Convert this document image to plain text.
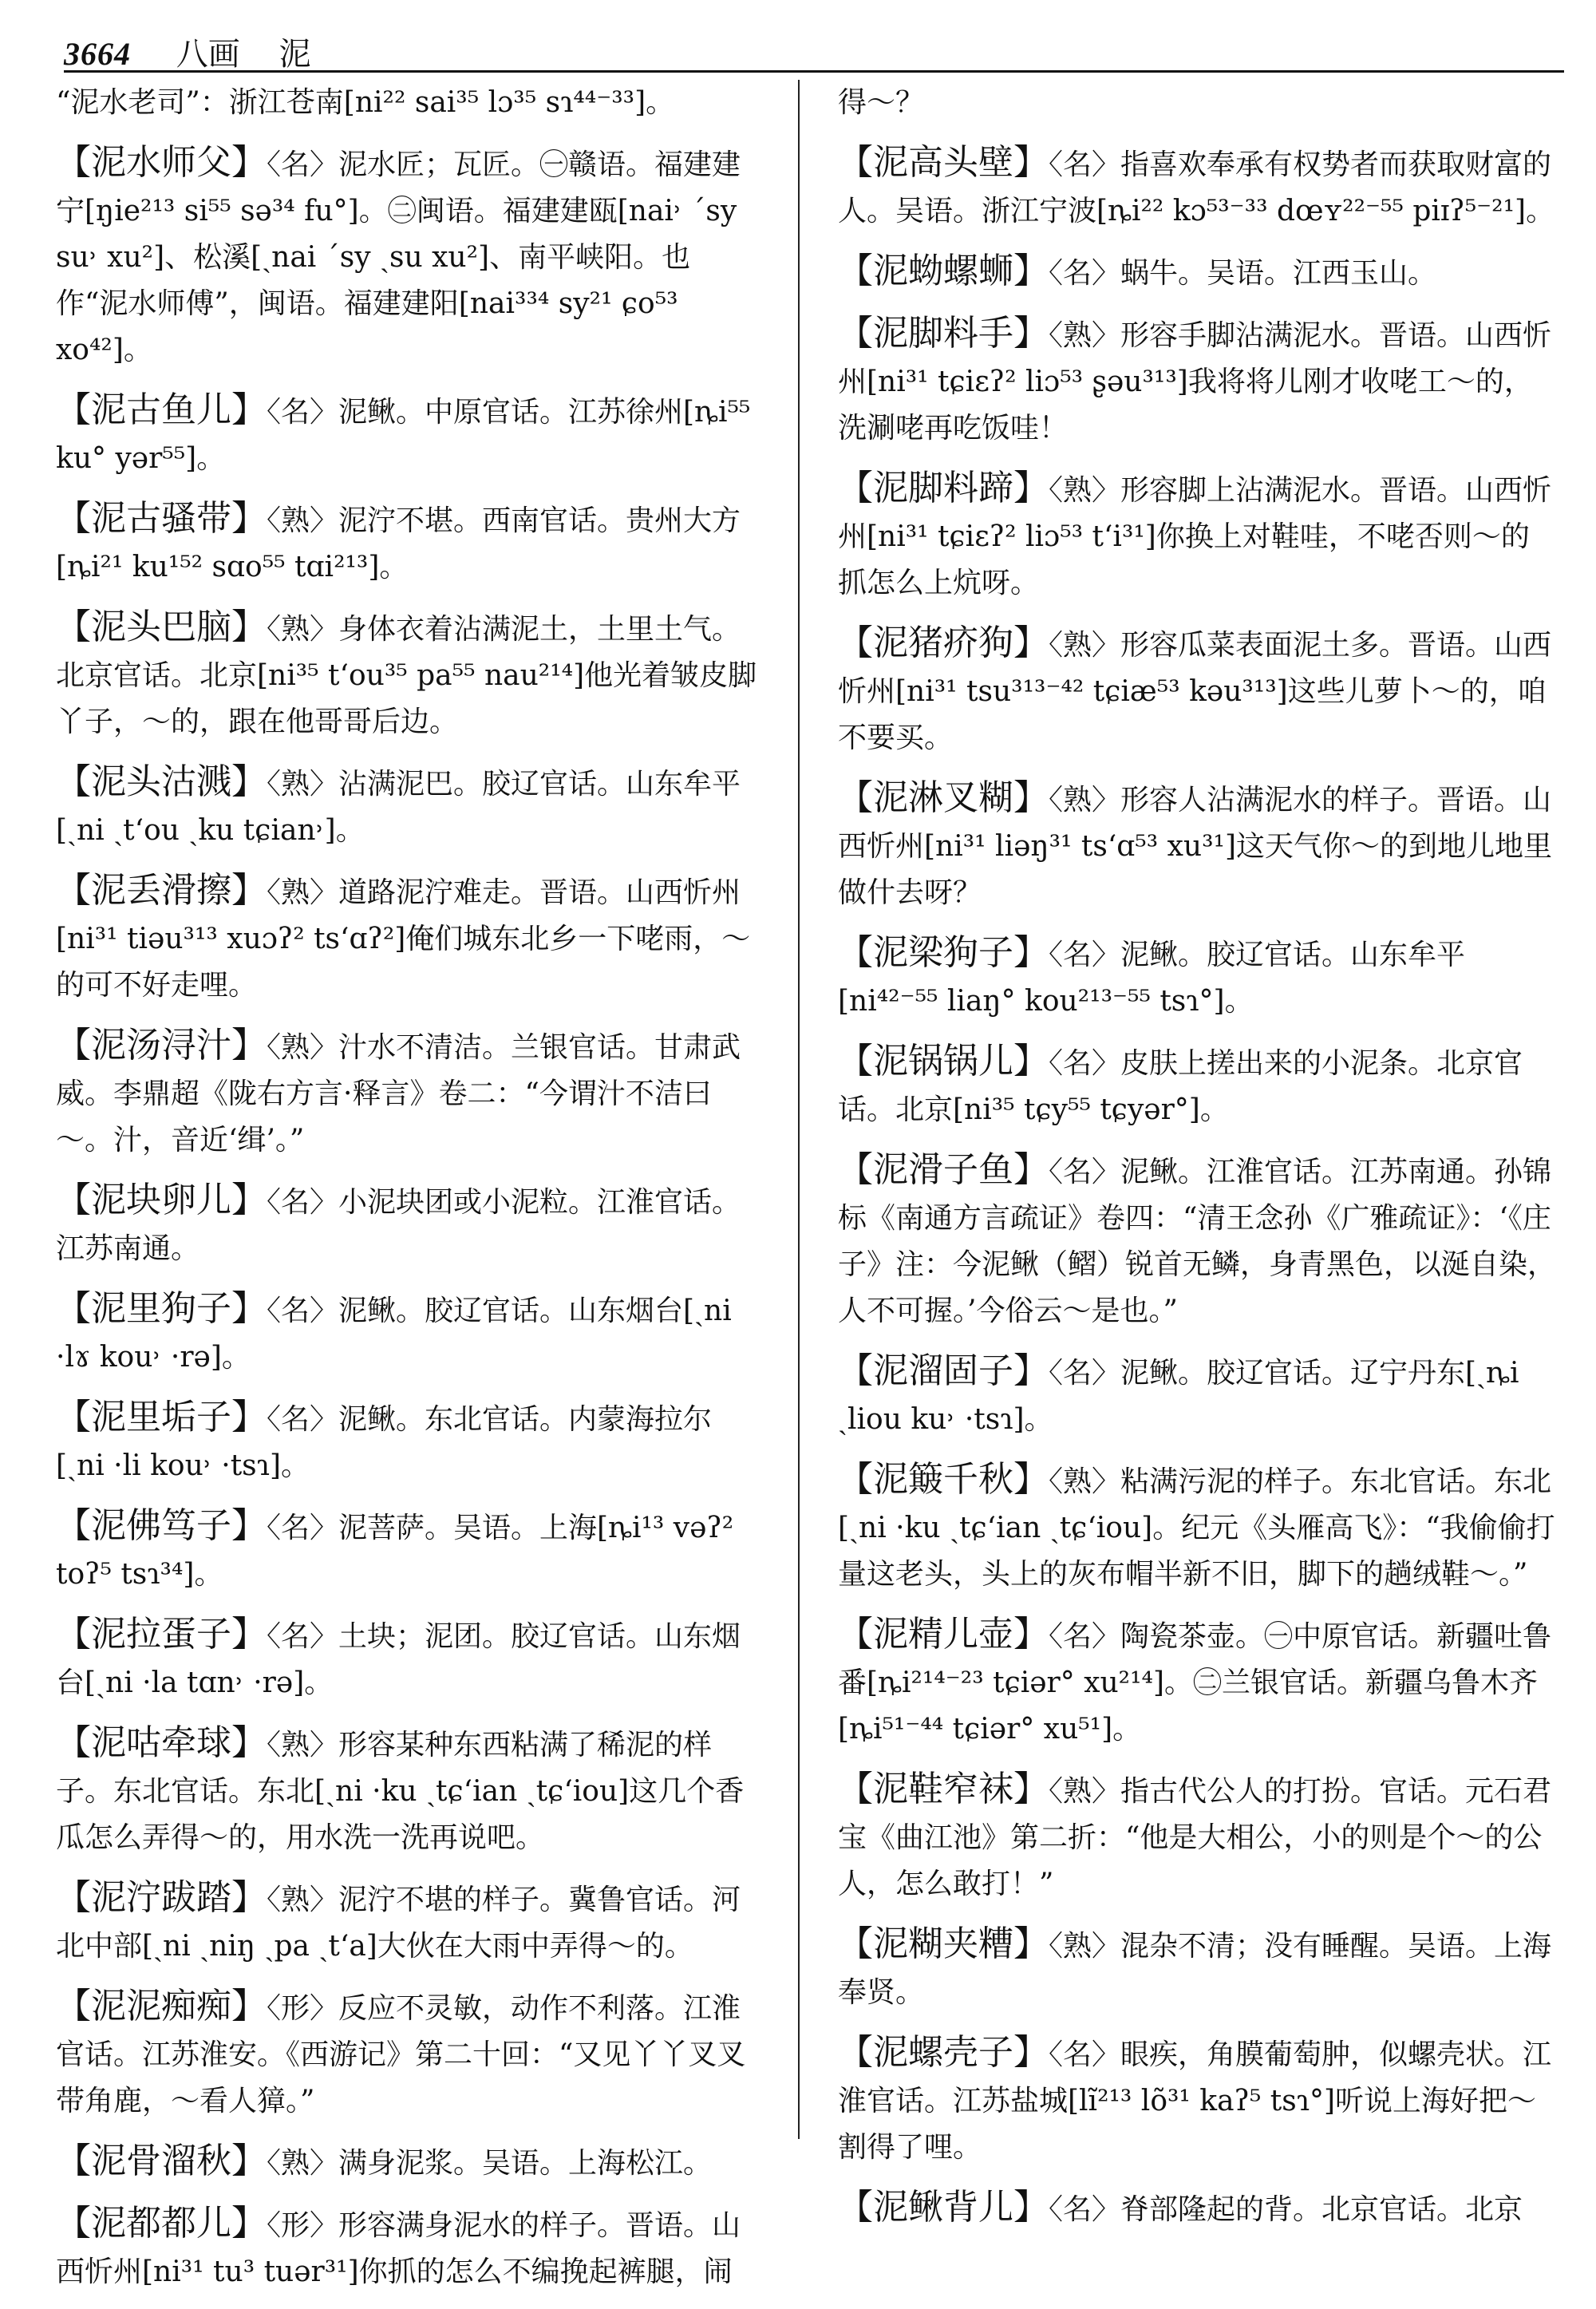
3664 八画 泥

“泥水老司”：浙江苍南[ni²² sai³⁵ lɔ³⁵ sɿ⁴⁴⁻³³]。

【泥水师父】〈名〉泥水匠；瓦匠。㊀赣语。福建建宁[ŋie²¹³ si⁵⁵ sə³⁴ fu°]。㊁闽语。福建建瓯[nai˒ ˊsy su˒ xu²]、松溪[ˏnai ˊsy ˏsu xu²]、南平峡阳。也作“泥水师傅”，闽语。福建建阳[nai³³⁴ sy²¹ ɕo⁵³ xo⁴²]。

【泥古鱼儿】〈名〉泥鳅。中原官话。江苏徐州[ȵi⁵⁵ ku° yər⁵⁵]。

【泥古骚带】〈熟〉泥泞不堪。西南官话。贵州大方[ȵi²¹ ku¹⁵² sɑo⁵⁵ tɑi²¹³]。

【泥头巴脑】〈熟〉身体衣着沾满泥土，土里土气。北京官话。北京[ni³⁵ t‘ou³⁵ pa⁵⁵ nau²¹⁴]他光着皱皮脚丫子，～的，跟在他哥哥后边。

【泥头沽溅】〈熟〉沾满泥巴。胶辽官话。山东牟平[ˏni ˏt‘ou ˏku tɕian˒]。

【泥丢滑擦】〈熟〉道路泥泞难走。晋语。山西忻州[ni³¹ tiəu³¹³ xuɔʔ² ts‘ɑʔ²]俺们城东北乡一下咾雨，～的可不好走哩。

【泥汤浔汁】〈熟〉汁水不清洁。兰银官话。甘肃武威。李鼎超《陇右方言·释言》卷二：“今谓汁不洁曰～。汁，音近‘缉’。”

【泥块卵儿】〈名〉小泥块团或小泥粒。江淮官话。江苏南通。

【泥里狗子】〈名〉泥鳅。胶辽官话。山东烟台[ˏni ·lɤ kou˒ ·rə]。

【泥里垢子】〈名〉泥鳅。东北官话。内蒙海拉尔[ˏni ·li kou˒ ·tsɿ]。

【泥佛笃子】〈名〉泥菩萨。吴语。上海[ȵi¹³ vəʔ² toʔ⁵ tsɿ³⁴]。

【泥拉蛋子】〈名〉土块；泥团。胶辽官话。山东烟台[ˏni ·la tɑn˒ ·rə]。

【泥咕牵球】〈熟〉形容某种东西粘满了稀泥的样子。东北官话。东北[ˏni ·ku ˏtɕ‘ian ˏtɕ‘iou]这几个香瓜怎么弄得～的，用水洗一洗再说吧。

【泥泞跋踏】〈熟〉泥泞不堪的样子。冀鲁官话。河北中部[ˏni ˏniŋ ˏpa ˏt‘a]大伙在大雨中弄得～的。

【泥泥痴痴】〈形〉反应不灵敏，动作不利落。江淮官话。江苏淮安。《西游记》第二十回：“又见丫丫叉叉带角鹿，～看人獐。”

【泥骨溜秋】〈熟〉满身泥浆。吴语。上海松江。

【泥都都儿】〈形〉形容满身泥水的样子。晋语。山西忻州[ni³¹ tu³ tuər³¹]你抓的怎么不编挽起裤腿，闹

得～？

【泥高头壁】〈名〉指喜欢奉承有权势者而获取财富的人。吴语。浙江宁波[ȵi²² kɔ⁵³⁻³³ dœʏ²²⁻⁵⁵ piɪʔ⁵⁻²¹]。

【泥蚴螺蛳】〈名〉蜗牛。吴语。江西玉山。

【泥脚料手】〈熟〉形容手脚沾满泥水。晋语。山西忻州[ni³¹ tɕiɛʔ² liɔ⁵³ ʂəu³¹³]我将将儿刚才收咾工～的，洗涮咾再吃饭哇！

【泥脚料蹄】〈熟〉形容脚上沾满泥水。晋语。山西忻州[ni³¹ tɕiɛʔ² liɔ⁵³ t‘i³¹]你换上对鞋哇，不咾否则～的抓怎么上炕呀。

【泥猪疥狗】〈熟〉形容瓜菜表面泥土多。晋语。山西忻州[ni³¹ tsu³¹³⁻⁴² tɕiæ⁵³ kəu³¹³]这些儿萝卜～的，咱不要买。

【泥淋叉糊】〈熟〉形容人沾满泥水的样子。晋语。山西忻州[ni³¹ liəŋ³¹ ts‘ɑ⁵³ xu³¹]这天气你～的到地儿地里做什去呀？

【泥梁狗子】〈名〉泥鳅。胶辽官话。山东牟平[ni⁴²⁻⁵⁵ liaŋ° kou²¹³⁻⁵⁵ tsɿ°]。

【泥锅锅儿】〈名〉皮肤上搓出来的小泥条。北京官话。北京[ni³⁵ tɕy⁵⁵ tɕyər°]。

【泥滑子鱼】〈名〉泥鳅。江淮官话。江苏南通。孙锦标《南通方言疏证》卷四：“清王念孙《广雅疏证》：‘《庄子》注：今泥鳅（鳛）锐首无鳞，身青黑色，以涎自染，人不可握。’今俗云～是也。”

【泥溜固子】〈名〉泥鳅。胶辽官话。辽宁丹东[ˏȵi ˏliou ku˒ ·tsɿ]。

【泥簸千秋】〈熟〉粘满污泥的样子。东北官话。东北[ˏni ·ku ˏtɕ‘ian ˏtɕ‘iou]。纪元《头雁高飞》：“我偷偷打量这老头，头上的灰布帽半新不旧，脚下的趟绒鞋～。”

【泥精儿壶】〈名〉陶瓷茶壶。㊀中原官话。新疆吐鲁番[ȵi²¹⁴⁻²³ tɕiər° xu²¹⁴]。㊁兰银官话。新疆乌鲁木齐[ȵi⁵¹⁻⁴⁴ tɕiər° xu⁵¹]。

【泥鞋窄袜】〈熟〉指古代公人的打扮。官话。元石君宝《曲江池》第二折：“他是大相公，小的则是个～的公人，怎么敢打！”

【泥糊夹糟】〈熟〉混杂不清；没有睡醒。吴语。上海奉贤。

【泥螺壳子】〈名〉眼疾，角膜葡萄肿，似螺壳状。江淮官话。江苏盐城[lĩ²¹³ lõ³¹ kaʔ⁵ tsɿ°]听说上海好把～割得了哩。

【泥鳅背儿】〈名〉脊部隆起的背。北京官话。北京
